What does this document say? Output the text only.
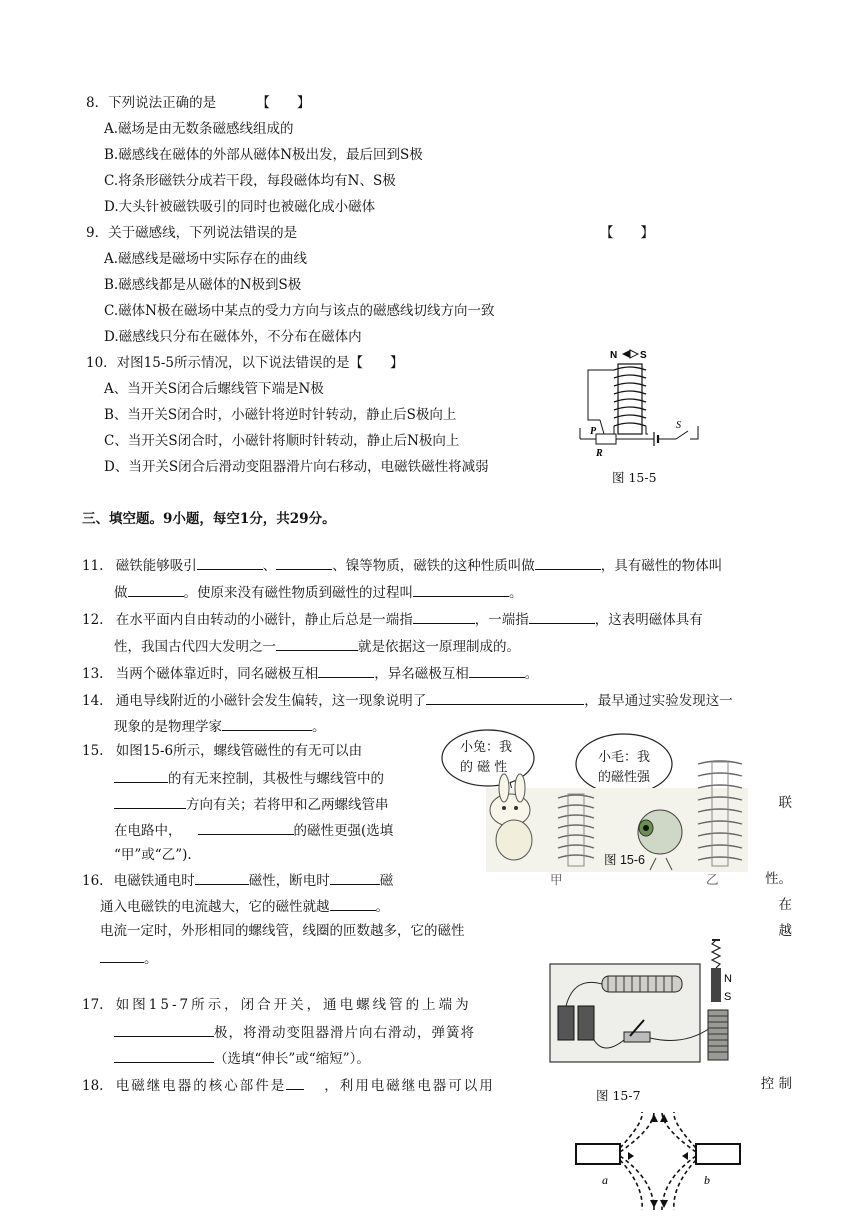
8．下列说法正确的是	【　　】
A.磁场是由无数条磁感线组成的
B.磁感线在磁体的外部从磁体N极出发，最后回到S极
C.将条形磁铁分成若干段，每段磁体均有N、S极
D.大头针被磁铁吸引的同时也被磁化成小磁体
9．关于磁感线，下列说法错误的是	【　　】
A.磁感线是磁场中实际存在的曲线
B.磁感线都是从磁体的N极到S极
C.磁体N极在磁场中某点的受力方向与该点的磁感线切线方向一致
D.磁感线只分布在磁体外，不分布在磁体内
10．对图15-5所示情况，以下说法错误的是【　　】
A、当开关S闭合后螺线管下端是N极
B、当开关S闭合时，小磁针将逆时针转动，静止后S极向上
C、当开关S闭合时，小磁针将顺时针转动，静止后N极向上
D、当开关S闭合后滑动变阻器滑片向右移动，电磁铁磁性将减弱
N S
P
R
S
图 15-5
三、填空题。9小题，每空1分，共29分。
11. 磁铁能够吸引	、	、镍等物质，磁铁的这种性质叫做	，具有磁性的物体叫
做	。使原来没有磁性物质到磁性的过程叫	。
12. 在水平面内自由转动的小磁针，静止后总是一端指	，一端指	，这表明磁体具有
性，我国古代四大发明之一	就是依据这一原理制成的。
13. 当两个磁体靠近时，同名磁极互相	，异名磁极互相	。
14. 通电导线附近的小磁针会发生偏转，这一现象说明了	，最早通过实验发现这一
现象的是物理学家	。
15. 如图15-6所示，螺线管磁性的有无可以由
的有无来控制，其极性与螺线管中的
方向有关；若将甲和乙两螺线管串	联
在电路中，	的磁性更强(选填
“甲”或“乙”).
小兔：我的 磁 性
小毛：我的磁性强
图 15-6
甲	乙
16. 电磁铁通电时	磁性，断电时	磁	性。
通入电磁铁的电流越大，它的磁性就越	。	在
电流一定时，外形相同的螺线管，线圈的匝数越多，它的磁性	越
。
N
S
图 15-7
17. 如图15-7所示，闭合开关，通电螺线管的上端为
极，将滑动变阻器滑片向右滑动，弹簧将
（选填“伸长”或“缩短”）。
18. 电磁继电器的核心部件是	，利用电磁继电器可以用	控 制
a	b
